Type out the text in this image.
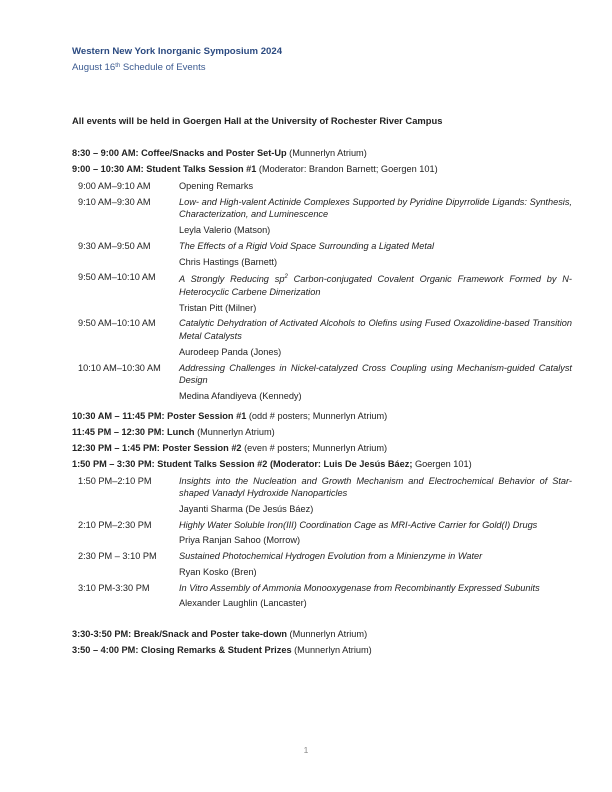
Western New York Inorganic Symposium 2024
August 16th Schedule of Events
All events will be held in Goergen Hall at the University of Rochester River Campus
8:30 – 9:00 AM: Coffee/Snacks and Poster Set-Up (Munnerlyn Atrium)
9:00 – 10:30 AM: Student Talks Session #1 (Moderator: Brandon Barnett; Goergen 101)
9:00 AM–9:10 AM	Opening Remarks
9:10 AM–9:30 AM	Low- and High-valent Actinide Complexes Supported by Pyridine Dipyrrolide Ligands: Synthesis, Characterization, and Luminescence
Leyla Valerio (Matson)

9:30 AM–9:50 AM	The Effects of a Rigid Void Space Surrounding a Ligated Metal
Chris Hastings (Barnett)

9:50 AM–10:10 AM	A Strongly Reducing $sp^2$ Carbon-conjugated Covalent Organic Framework Formed by N-Heterocyclic Carbene Dimerization
Tristan Pitt (Milner)

9:50 AM–10:10 AM	Catalytic Dehydration of Activated Alcohols to Olefins using Fused Oxazolidine-based Transition Metal Catalysts
Aurodeep Panda (Jones)

10:10 AM–10:30 AM	Addressing Challenges in Nickel-catalyzed Cross Coupling using Mechanism-guided Catalyst Design
Medina Afandiyeva (Kennedy)
10:30 AM – 11:45 PM: Poster Session #1 (odd # posters; Munnerlyn Atrium)
11:45 PM – 12:30 PM: Lunch (Munnerlyn Atrium)
12:30 PM – 1:45 PM: Poster Session #2 (even # posters; Munnerlyn Atrium)
1:50 PM – 3:30 PM: Student Talks Session #2 (Moderator: Luis De Jesús Báez; Goergen 101)
1:50 PM–2:10 PM	Insights into the Nucleation and Growth Mechanism and Electrochemical Behavior of Star-shaped Vanadyl Hydroxide Nanoparticles
Jayanti Sharma (De Jesús Báez)

2:10 PM–2:30 PM	Highly Water Soluble Iron(III) Coordination Cage as MRI-Active Carrier for Gold(I) Drugs
Priya Ranjan Sahoo (Morrow)

2:30 PM – 3:10 PM	Sustained Photochemical Hydrogen Evolution from a Minienzyme in Water
Ryan Kosko (Bren)

3:10 PM-3:30 PM	In Vitro Assembly of Ammonia Monooxygenase from Recombinantly Expressed Subunits
Alexander Laughlin (Lancaster)
3:30-3:50 PM: Break/Snack and Poster take-down (Munnerlyn Atrium)
3:50 – 4:00 PM: Closing Remarks & Student Prizes (Munnerlyn Atrium)
1
